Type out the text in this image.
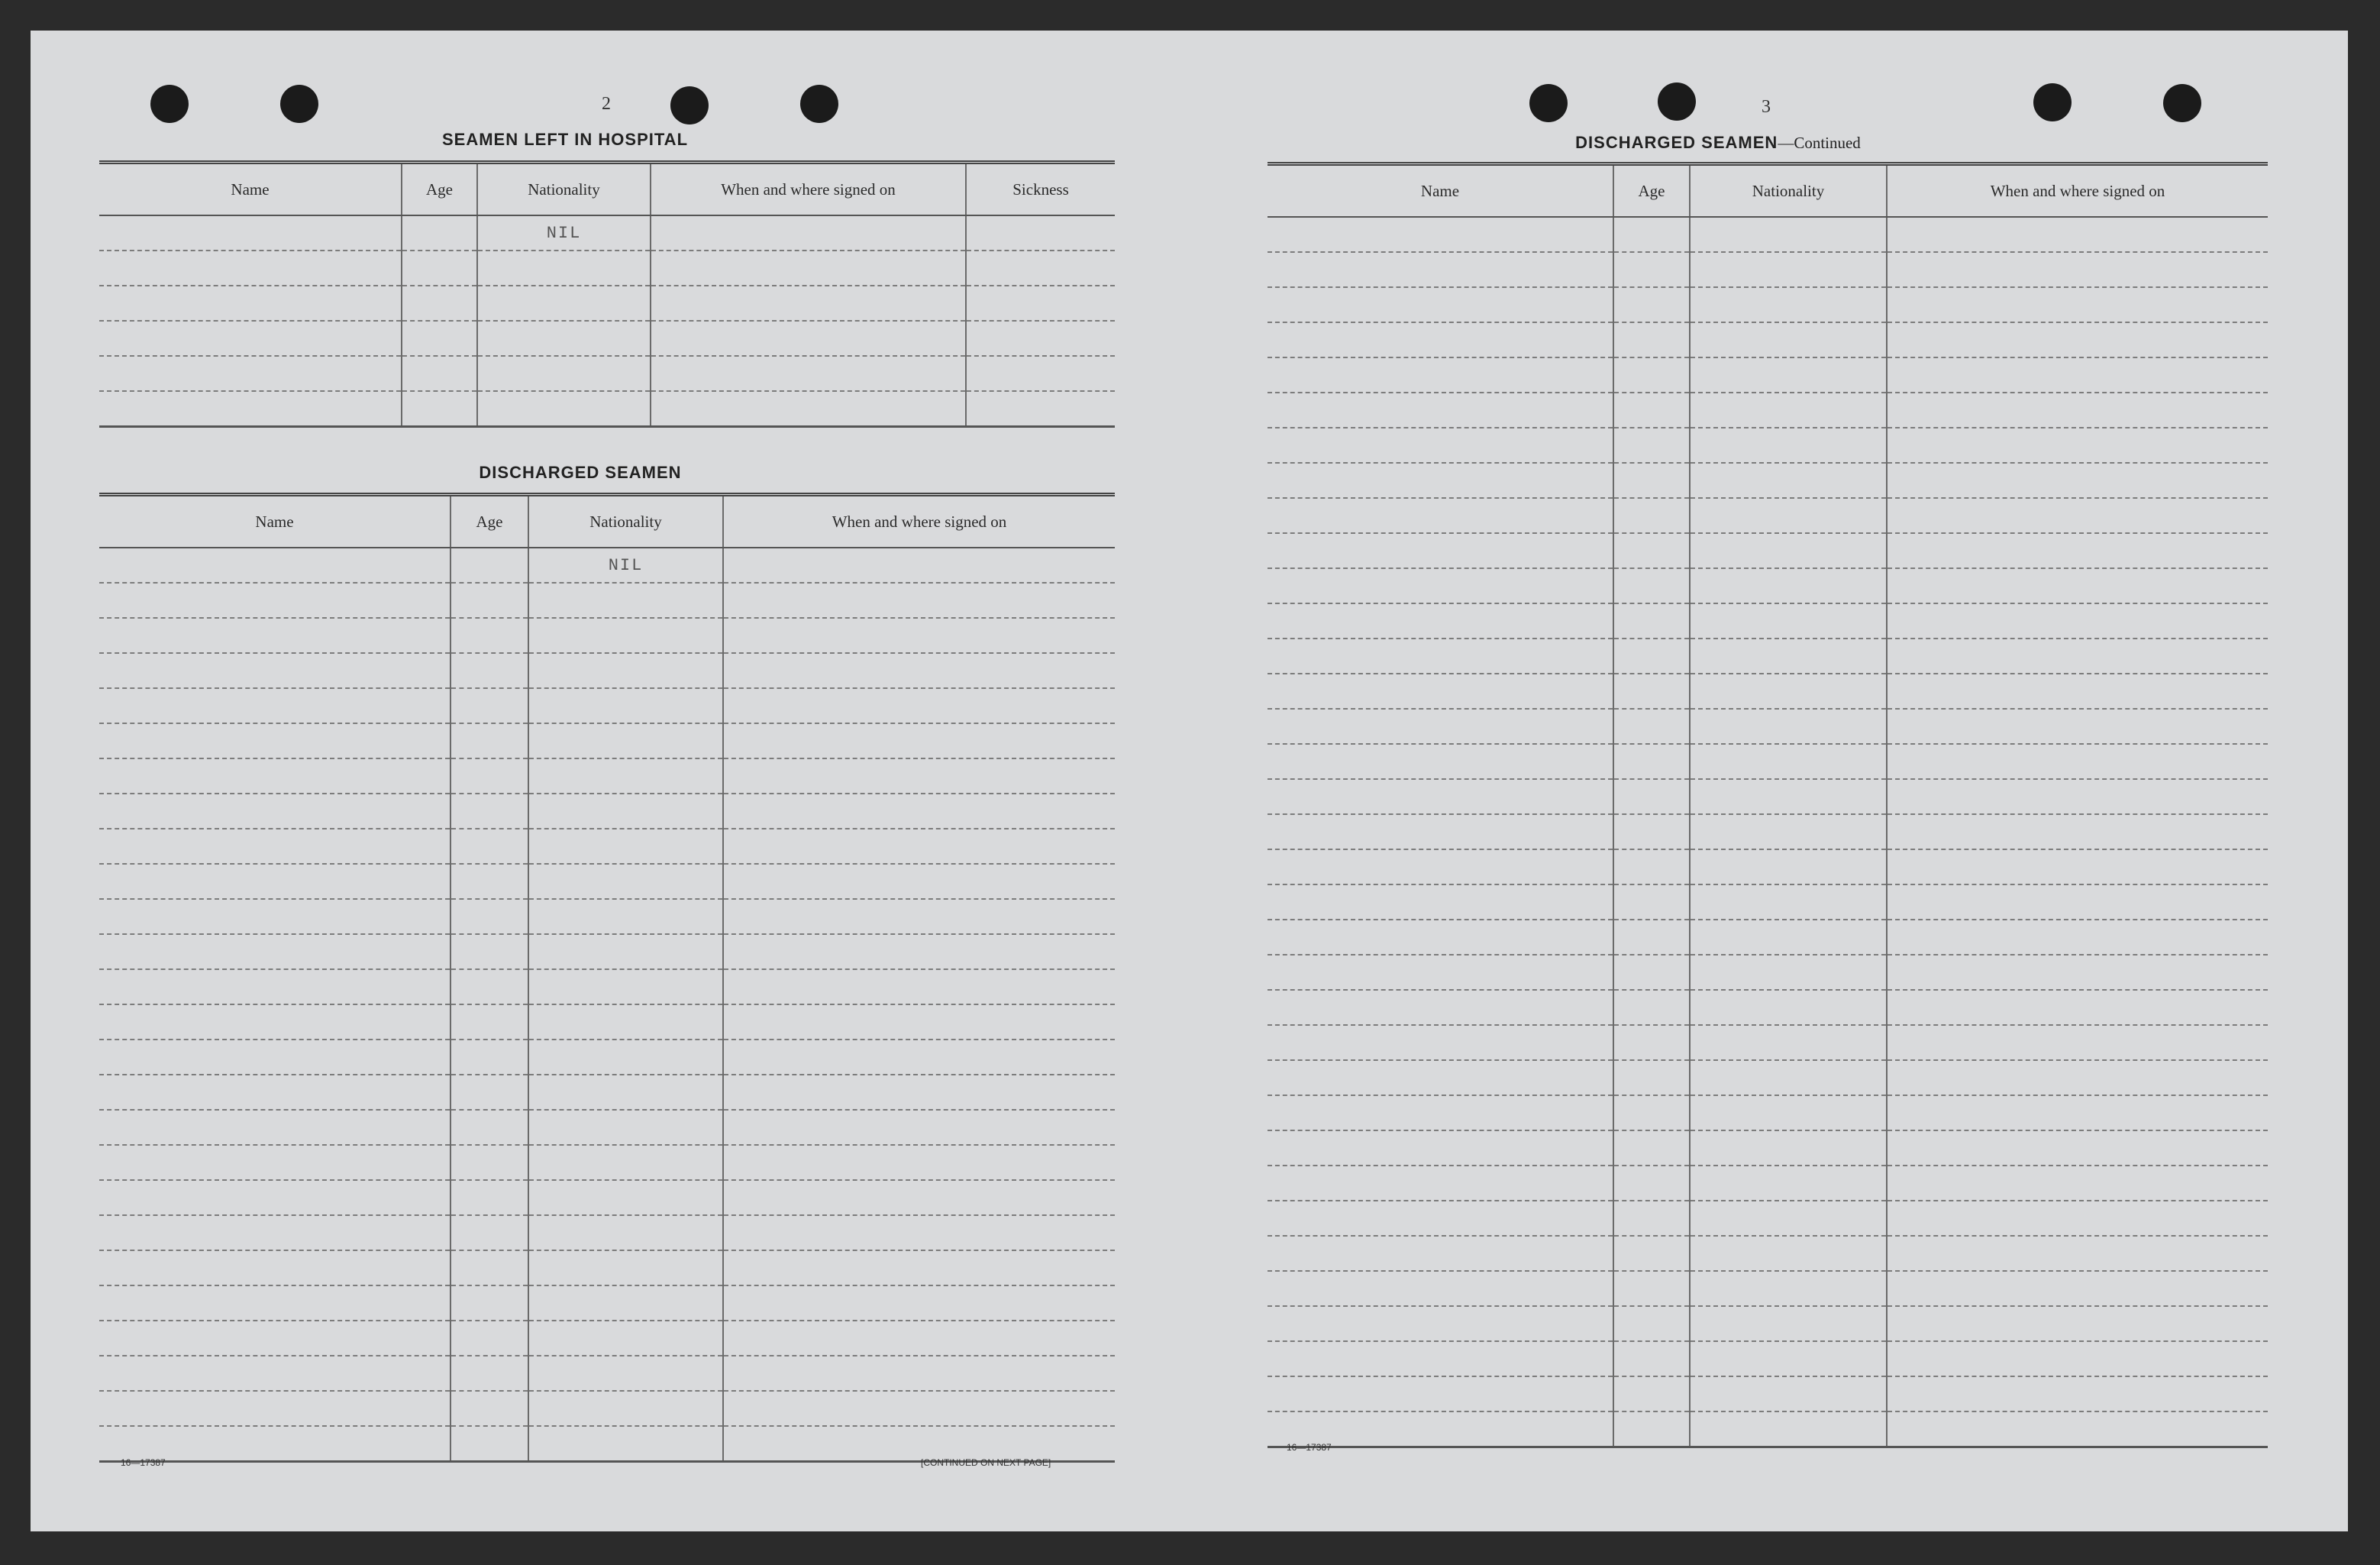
2
SEAMEN LEFT IN HOSPITAL
Name	Age	Nationality	When and where signed on	Sickness
		NIL		

DISCHARGED SEAMEN
Name	Age	Nationality	When and where signed on
		NIL	

16—17387	[CONTINUED ON NEXT PAGE]
3
DISCHARGED SEAMEN—Continued
Name	Age	Nationality	When and where signed on

16—17387
